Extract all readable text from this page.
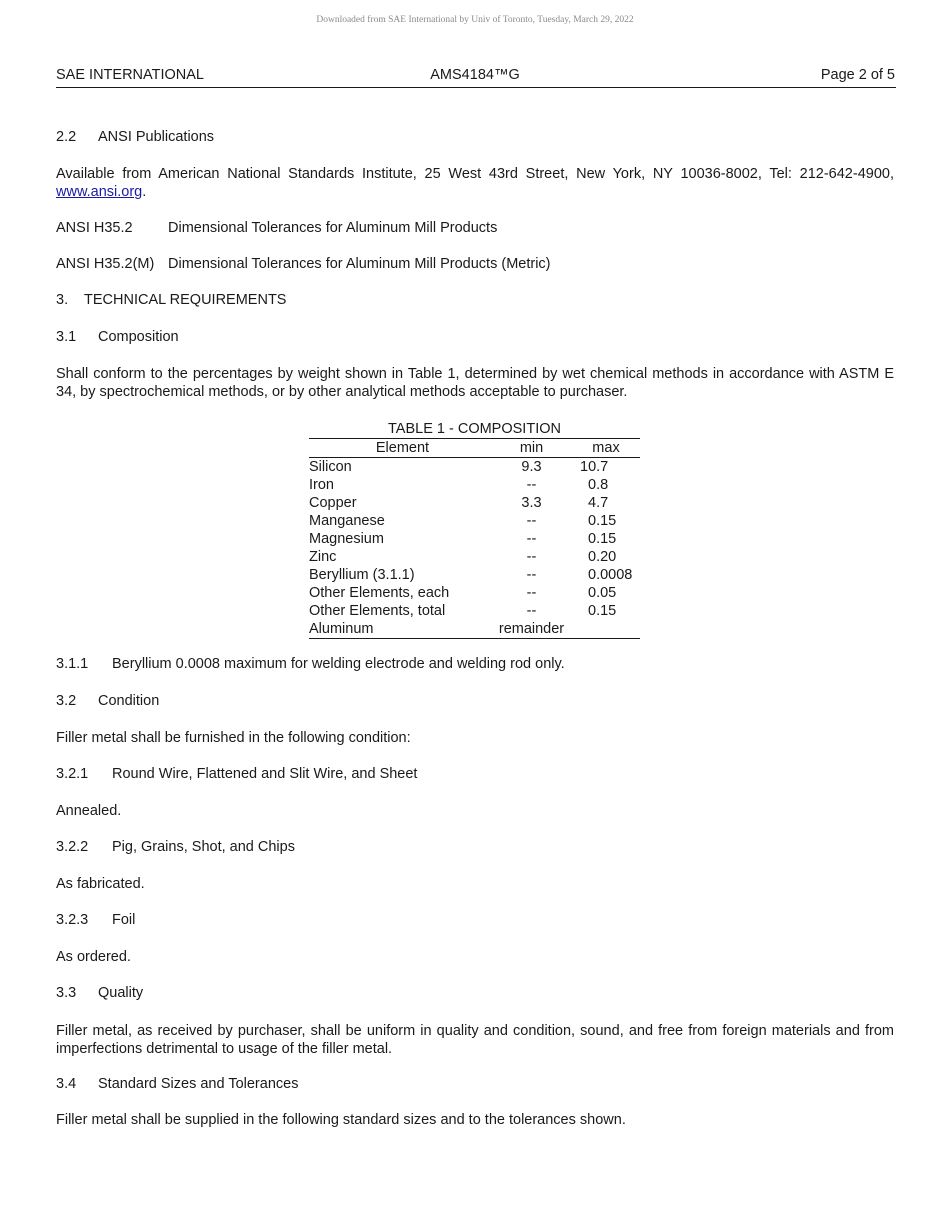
Downloaded from SAE International by Univ of Toronto, Tuesday, March 29, 2022
SAE INTERNATIONAL	AMS4184™G	Page 2 of 5
2.2 ANSI Publications
Available from American National Standards Institute, 25 West 43rd Street, New York, NY 10036-8002, Tel: 212-642-4900, www.ansi.org.
ANSI H35.2 Dimensional Tolerances for Aluminum Mill Products
ANSI H35.2(M) Dimensional Tolerances for Aluminum Mill Products (Metric)
3. TECHNICAL REQUIREMENTS
3.1 Composition
Shall conform to the percentages by weight shown in Table 1, determined by wet chemical methods in accordance with ASTM E 34, by spectrochemical methods, or by other analytical methods acceptable to purchaser.
TABLE 1 - COMPOSITION
Element	min	max
Silicon	9.3	10.7
Iron	--	0.8
Copper	3.3	4.7
Manganese	--	0.15
Magnesium	--	0.15
Zinc	--	0.20
Beryllium (3.1.1)	--	0.0008
Other Elements, each	--	0.05
Other Elements, total	--	0.15
Aluminum	remainder
3.1.1 Beryllium 0.0008 maximum for welding electrode and welding rod only.
3.2 Condition
Filler metal shall be furnished in the following condition:
3.2.1 Round Wire, Flattened and Slit Wire, and Sheet
Annealed.
3.2.2 Pig, Grains, Shot, and Chips
As fabricated.
3.2.3 Foil
As ordered.
3.3 Quality
Filler metal, as received by purchaser, shall be uniform in quality and condition, sound, and free from foreign materials and from imperfections detrimental to usage of the filler metal.
3.4 Standard Sizes and Tolerances
Filler metal shall be supplied in the following standard sizes and to the tolerances shown.
